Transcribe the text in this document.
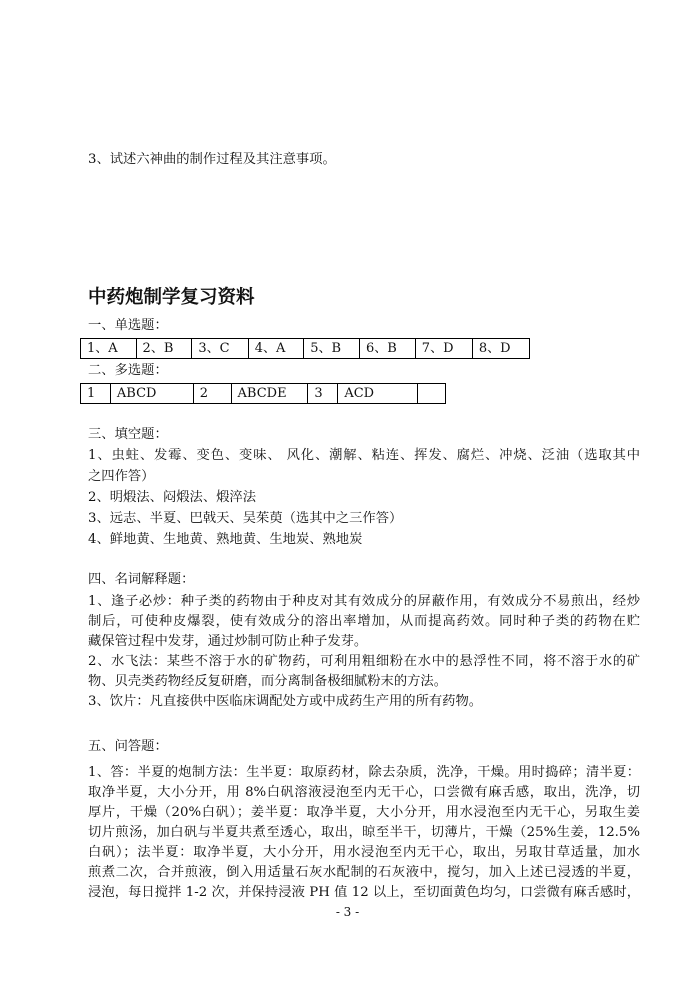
3、试述六神曲的制作过程及其注意事项。
中药炮制学复习资料
一、单选题：
1、A	2、B	3、C	4、A	5、B	6、B	7、D	8、D
二、多选题：
1	ABCD	2	ABCDE	3	ACD	
三、填空题：
1、虫蛀、发霉、变色、变味、 风化、潮解、粘连、挥发、腐烂、冲烧、泛油（选取其中
之四作答）
2、明煅法、闷煅法、煅淬法
3、远志、半夏、巴戟天、吴茱萸（选其中之三作答）
4、鲜地黄、生地黄、熟地黄、生地炭、熟地炭
四、名词解释题：
1、逢子必炒：种子类的药物由于种皮对其有效成分的屏蔽作用，有效成分不易煎出，经炒
制后，可使种皮爆裂，使有效成分的溶出率增加，从而提高药效。同时种子类的药物在贮
藏保管过程中发芽，通过炒制可防止种子发芽。
2、水飞法：某些不溶于水的矿物药，可利用粗细粉在水中的悬浮性不同，将不溶于水的矿
物、贝壳类药物经反复研磨，而分离制备极细腻粉末的方法。
3、饮片：凡直接供中医临床调配处方或中成药生产用的所有药物。
五、问答题：
1、答：半夏的炮制方法：生半夏：取原药材，除去杂质，洗净，干燥。用时捣碎；清半夏：
取净半夏，大小分开，用 8%白矾溶液浸泡至内无干心，口尝微有麻舌感，取出，洗净，切
厚片，干燥（20%白矾）；姜半夏：取净半夏，大小分开，用水浸泡至内无干心，另取生姜
切片煎汤，加白矾与半夏共煮至透心，取出，晾至半干，切薄片，干燥（25%生姜，12.5%
白矾）；法半夏：取净半夏，大小分开，用水浸泡至内无干心，取出，另取甘草适量，加水
煎煮二次，合并煎液，倒入用适量石灰水配制的石灰液中，搅匀，加入上述已浸透的半夏，
浸泡，每日搅拌 1-2 次，并保持浸液 PH 值 12 以上，至切面黄色均匀，口尝微有麻舌感时，
- 3 -
